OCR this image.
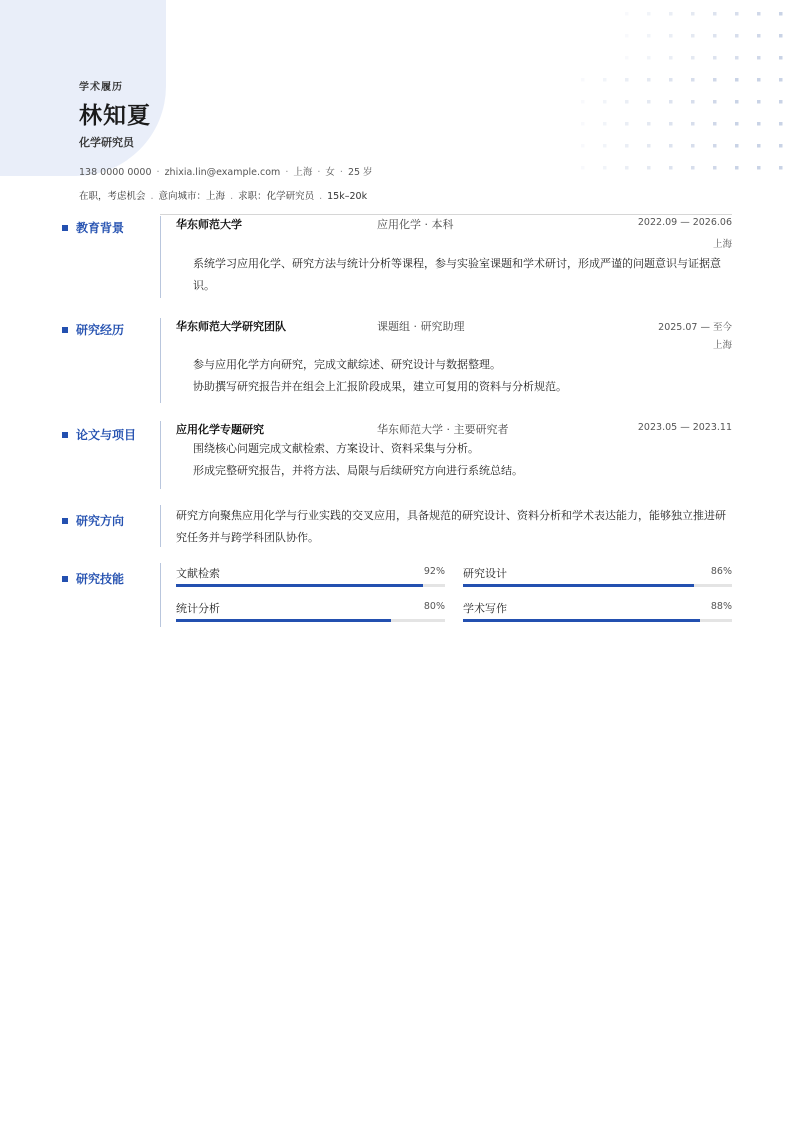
学术履历
林知夏
化学研究员
138 0000 0000 · zhixia.lin@example.com · 上海 · 女 · 25 岁
在职，考虑机会 . 意向城市：上海 . 求职：化学研究员 . 15k–20k
教育背景	华东师范大学	应用化学 · 本科	2022.09 — 2026.06
上海
系统学习应用化学、研究方法与统计分析等课程，参与实验室课题和学术研讨，形成严谨的问题意识与证据意识。
研究经历	华东师范大学研究团队	课题组 · 研究助理	2025.07 — 至今
上海
参与应用化学方向研究，完成文献综述、研究设计与数据整理。
协助撰写研究报告并在组会上汇报阶段成果，建立可复用的资料与分析规范。
论文与项目	应用化学专题研究	华东师范大学 · 主要研究者	2023.05 — 2023.11
围绕核心问题完成文献检索、方案设计、资料采集与分析。
形成完整研究报告，并将方法、局限与后续研究方向进行系统总结。
研究方向	研究方向聚焦应用化学与行业实践的交叉应用，具备规范的研究设计、资料分析和学术表达能力，能够独立推进研究任务并与跨学科团队协作。
研究技能	文献检索	92% 研究设计	86%
统计分析	80% 学术写作	88%
